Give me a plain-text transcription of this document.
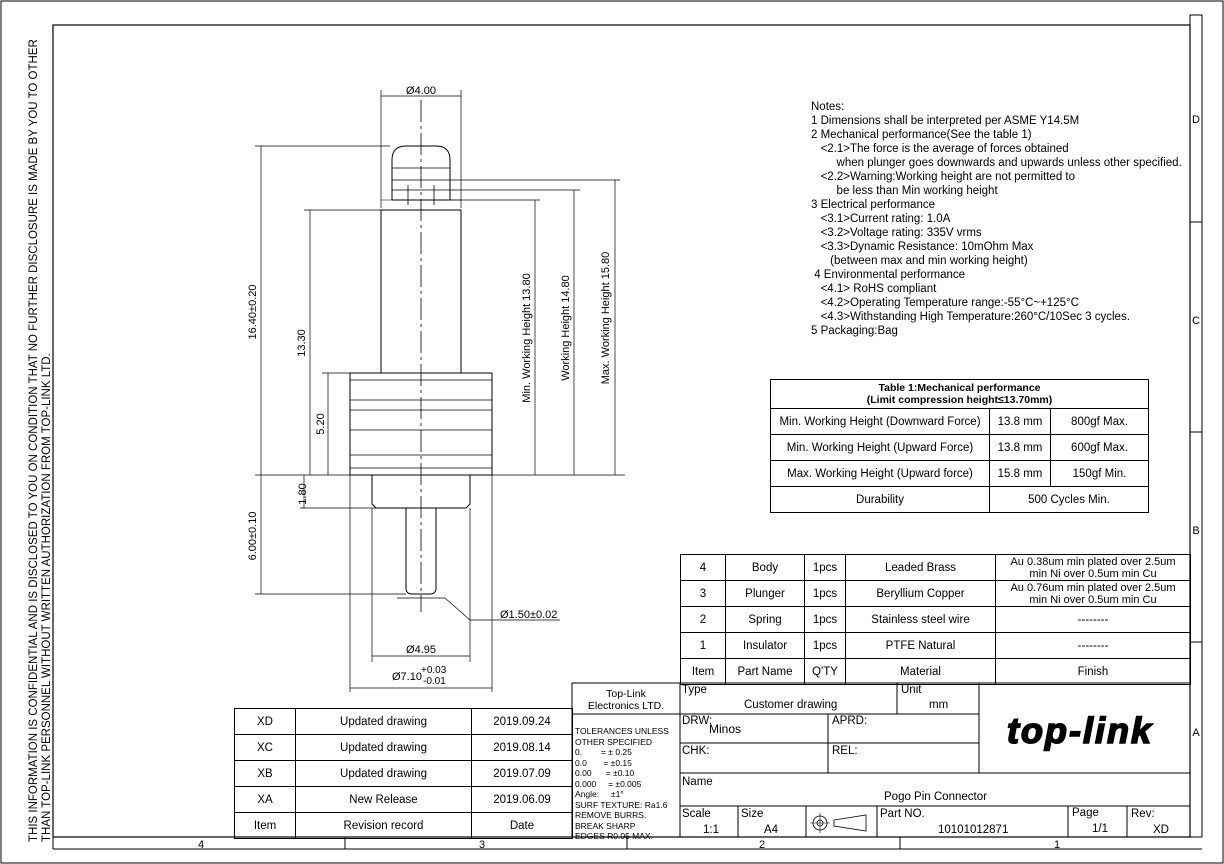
Ø4.00
16.40±0.20
13.30
5.20
1.80
6.00±0.10
Min. Working Height 13.80 Working Height 14.80	Max. Working Height 15.80
Ø1.50±0.02
Ø4.95
Ø7.10
+0.03
-0.01
D
C
B
A
4	3	2	1
top-link
Notes:
1 Dimensions shall be interpreted per ASME Y14.5M
2 Mechanical performance(See the table 1)
<2.1>The force is the average of forces obtained
when plunger goes downwards and upwards unless other specified.
<2.2>Warning:Working height are not permitted to
be less than Min working height
3 Electrical performance
<3.1>Current rating: 1.0A
<3.2>Voltage rating: 335V vrms
<3.3>Dynamic Resistance: 10mOhm Max
(between max and min working height)
4 Environmental performance
<4.1> RoHS compliant
<4.2>Operating Temperature range:-55°C~+125°C
<4.3>Withstanding High Temperature:260°C/10Sec 3 cycles.
5 Packaging:Bag
Table 1:Mechanical performance
(Limit compression height≤13.70mm)		

Min. Working Height (Downward Force)	13.8 mm	800gf Max.
Min. Working Height (Upward Force)	13.8 mm	600gf Max.
Max. Working Height (Upward force)	15.8 mm	150gf Min.
Durability	500 Cycles Min.	
4	Body	1pcs	Leaded Brass	Au 0.38um min plated over 2.5um
min Ni over 0.5um min Cu

3	Plunger	1pcs	Beryllium Copper	Au 0.76um min plated over 2.5um
min Ni over 0.5um min Cu

2	Spring	1pcs	Stainless steel wire	--------
1	Insulator	1pcs	PTFE Natural	--------
Item	Part Name	Q'TY	Material	Finish
XD	Updated drawing	2019.09.24
XC	Updated drawing	2019.08.14
XB	Updated drawing	2019.07.09
XA	New Release	2019.06.09
Item	Revision record	Date
Top-Link
Electronics LTD.
TOLERANCES UNLESS
OTHER SPECIFIED
0.        = ± 0.25
0.0       = ±0.15
0.00      = ±0.10
0.000     = ±0.005
Angle:     ±1°
SURF TEXTURE: Ra1.6
REMOVE BURRS.
BREAK SHARP
EDGES R0.05 MAX.
Type
Customer drawing
Unit
mm
DRW:
Minos
APRD:
CHK:	REL:
Name
Pogo Pin Connector
Scale
1:1
Size
A4
Part NO.
10101012871
Page
1/1
Rev:
XD
THIS INFORMATION IS CONFIDENTIAL AND IS DISCLOSED TO YOU ON CONDITION THAT NO FURTHER DISCLOSURE IS MADE BY YOU TO OTHER
THAN TOP-LINK PERSONNEL WITHOUT WRITTEN AUTHORIZATION FROM TOP-LINK LTD.
